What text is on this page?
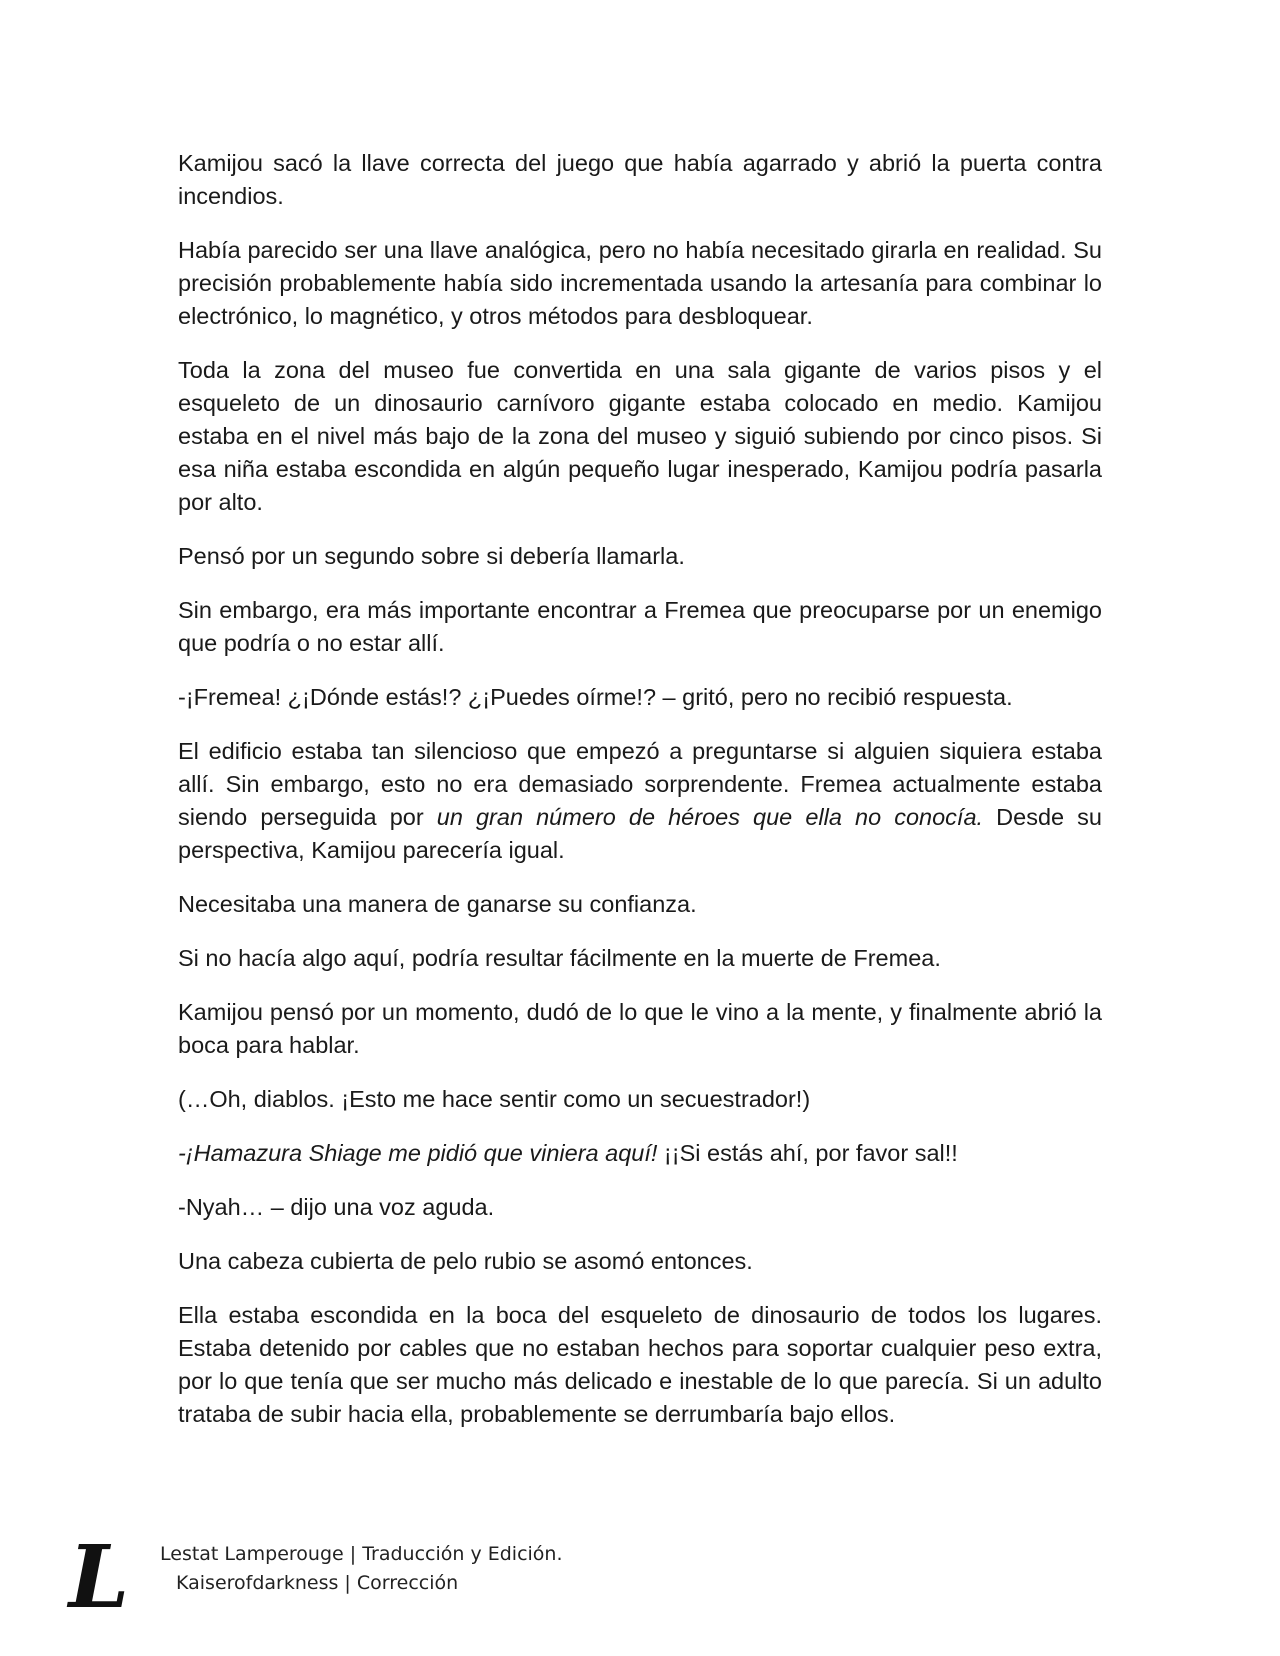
Kamijou sacó la llave correcta del juego que había agarrado y abrió la puerta contra incendios.

Había parecido ser una llave analógica, pero no había necesitado girarla en realidad. Su precisión probablemente había sido incrementada usando la artesanía para combinar lo electrónico, lo magnético, y otros métodos para desbloquear.

Toda la zona del museo fue convertida en una sala gigante de varios pisos y el esqueleto de un dinosaurio carnívoro gigante estaba colocado en medio. Kamijou estaba en el nivel más bajo de la zona del museo y siguió subiendo por cinco pisos. Si esa niña estaba escondida en algún pequeño lugar inesperado, Kamijou podría pasarla por alto.

Pensó por un segundo sobre si debería llamarla.

Sin embargo, era más importante encontrar a Fremea que preocuparse por un enemigo que podría o no estar allí.

-¡Fremea! ¿¡Dónde estás!? ¿¡Puedes oírme!? – gritó, pero no recibió respuesta.

El edificio estaba tan silencioso que empezó a preguntarse si alguien siquiera estaba allí. Sin embargo, esto no era demasiado sorprendente. Fremea actualmente estaba siendo perseguida por un gran número de héroes que ella no conocía. Desde su perspectiva, Kamijou parecería igual.

Necesitaba una manera de ganarse su confianza.

Si no hacía algo aquí, podría resultar fácilmente en la muerte de Fremea.

Kamijou pensó por un momento, dudó de lo que le vino a la mente, y finalmente abrió la boca para hablar.

(…Oh, diablos. ¡Esto me hace sentir como un secuestrador!)

-¡Hamazura Shiage me pidió que viniera aquí! ¡¡Si estás ahí, por favor sal!!

-Nyah… – dijo una voz aguda.

Una cabeza cubierta de pelo rubio se asomó entonces.

Ella estaba escondida en la boca del esqueleto de dinosaurio de todos los lugares. Estaba detenido por cables que no estaban hechos para soportar cualquier peso extra, por lo que tenía que ser mucho más delicado e inestable de lo que parecía. Si un adulto trataba de subir hacia ella, probablemente se derrumbaría bajo ellos.

L Lestat Lamperouge | Traducción y Edición.
Kaiserofdarkness | Corrección
